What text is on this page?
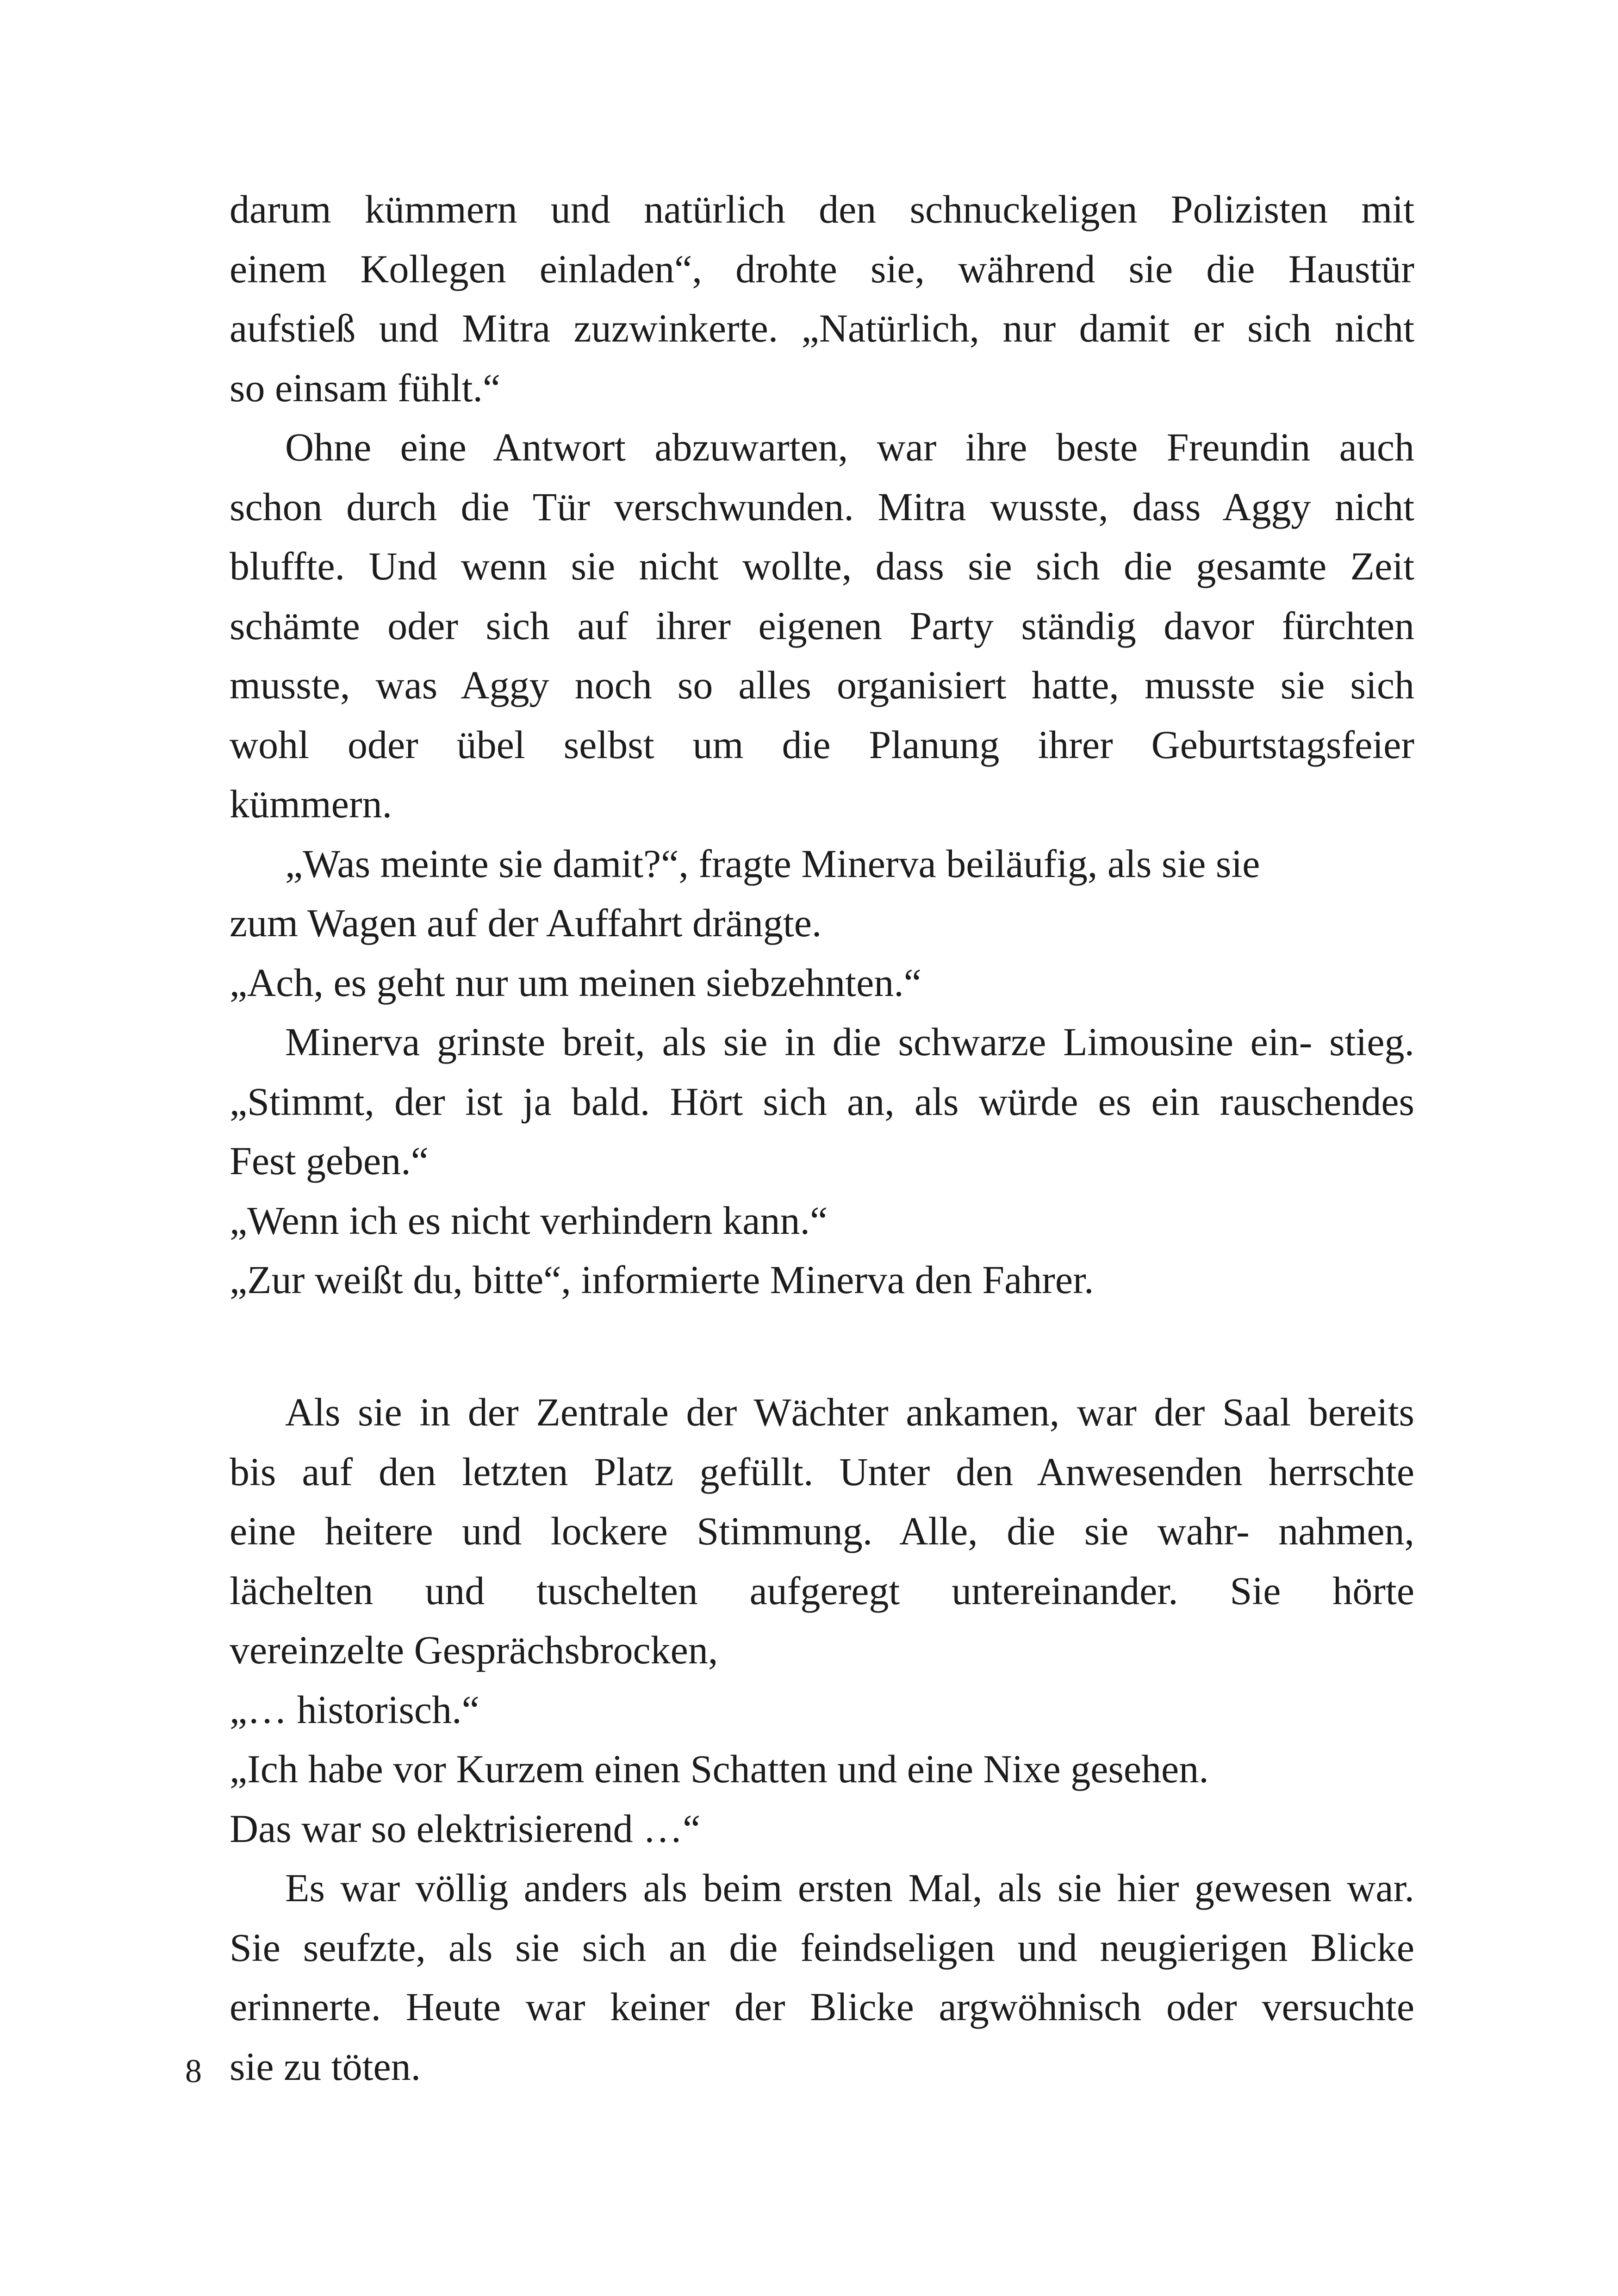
darum kümmern und natürlich den schnuckeligen Polizisten mit
einem Kollegen einladen“, drohte sie, während sie die Haustür
aufstieß und Mitra zuzwinkerte. „Natürlich, nur damit er sich nicht
so einsam fühlt.“
Ohne eine Antwort abzuwarten, war ihre beste Freundin auch
schon durch die Tür verschwunden. Mitra wusste, dass Aggy nicht
bluffte. Und wenn sie nicht wollte, dass sie sich die gesamte Zeit
schämte oder sich auf ihrer eigenen Party ständig davor fürchten
musste, was Aggy noch so alles organisiert hatte, musste sie sich
wohl oder übel selbst um die Planung ihrer Geburtstagsfeier
kümmern.
„Was meinte sie damit?“, fragte Minerva beiläufig, als sie sie
zum Wagen auf der Auffahrt drängte.
„Ach, es geht nur um meinen siebzehnten.“
Minerva grinste breit, als sie in die schwarze Limousine ein- stieg.
„Stimmt, der ist ja bald. Hört sich an, als würde es ein rauschendes
Fest geben.“
„Wenn ich es nicht verhindern kann.“
„Zur weißt du, bitte“, informierte Minerva den Fahrer.
Als sie in der Zentrale der Wächter ankamen, war der Saal bereits
bis auf den letzten Platz gefüllt. Unter den Anwesenden herrschte
eine heitere und lockere Stimmung. Alle, die sie wahr- nahmen,
lächelten und tuschelten aufgeregt untereinander. Sie hörte
vereinzelte Gesprächsbrocken,
„… historisch.“
„Ich habe vor Kurzem einen Schatten und eine Nixe gesehen.
Das war so elektrisierend …“
Es war völlig anders als beim ersten Mal, als sie hier gewesen war.
Sie seufzte, als sie sich an die feindseligen und neugierigen Blicke
erinnerte. Heute war keiner der Blicke argwöhnisch oder versuchte
sie zu töten.
8
